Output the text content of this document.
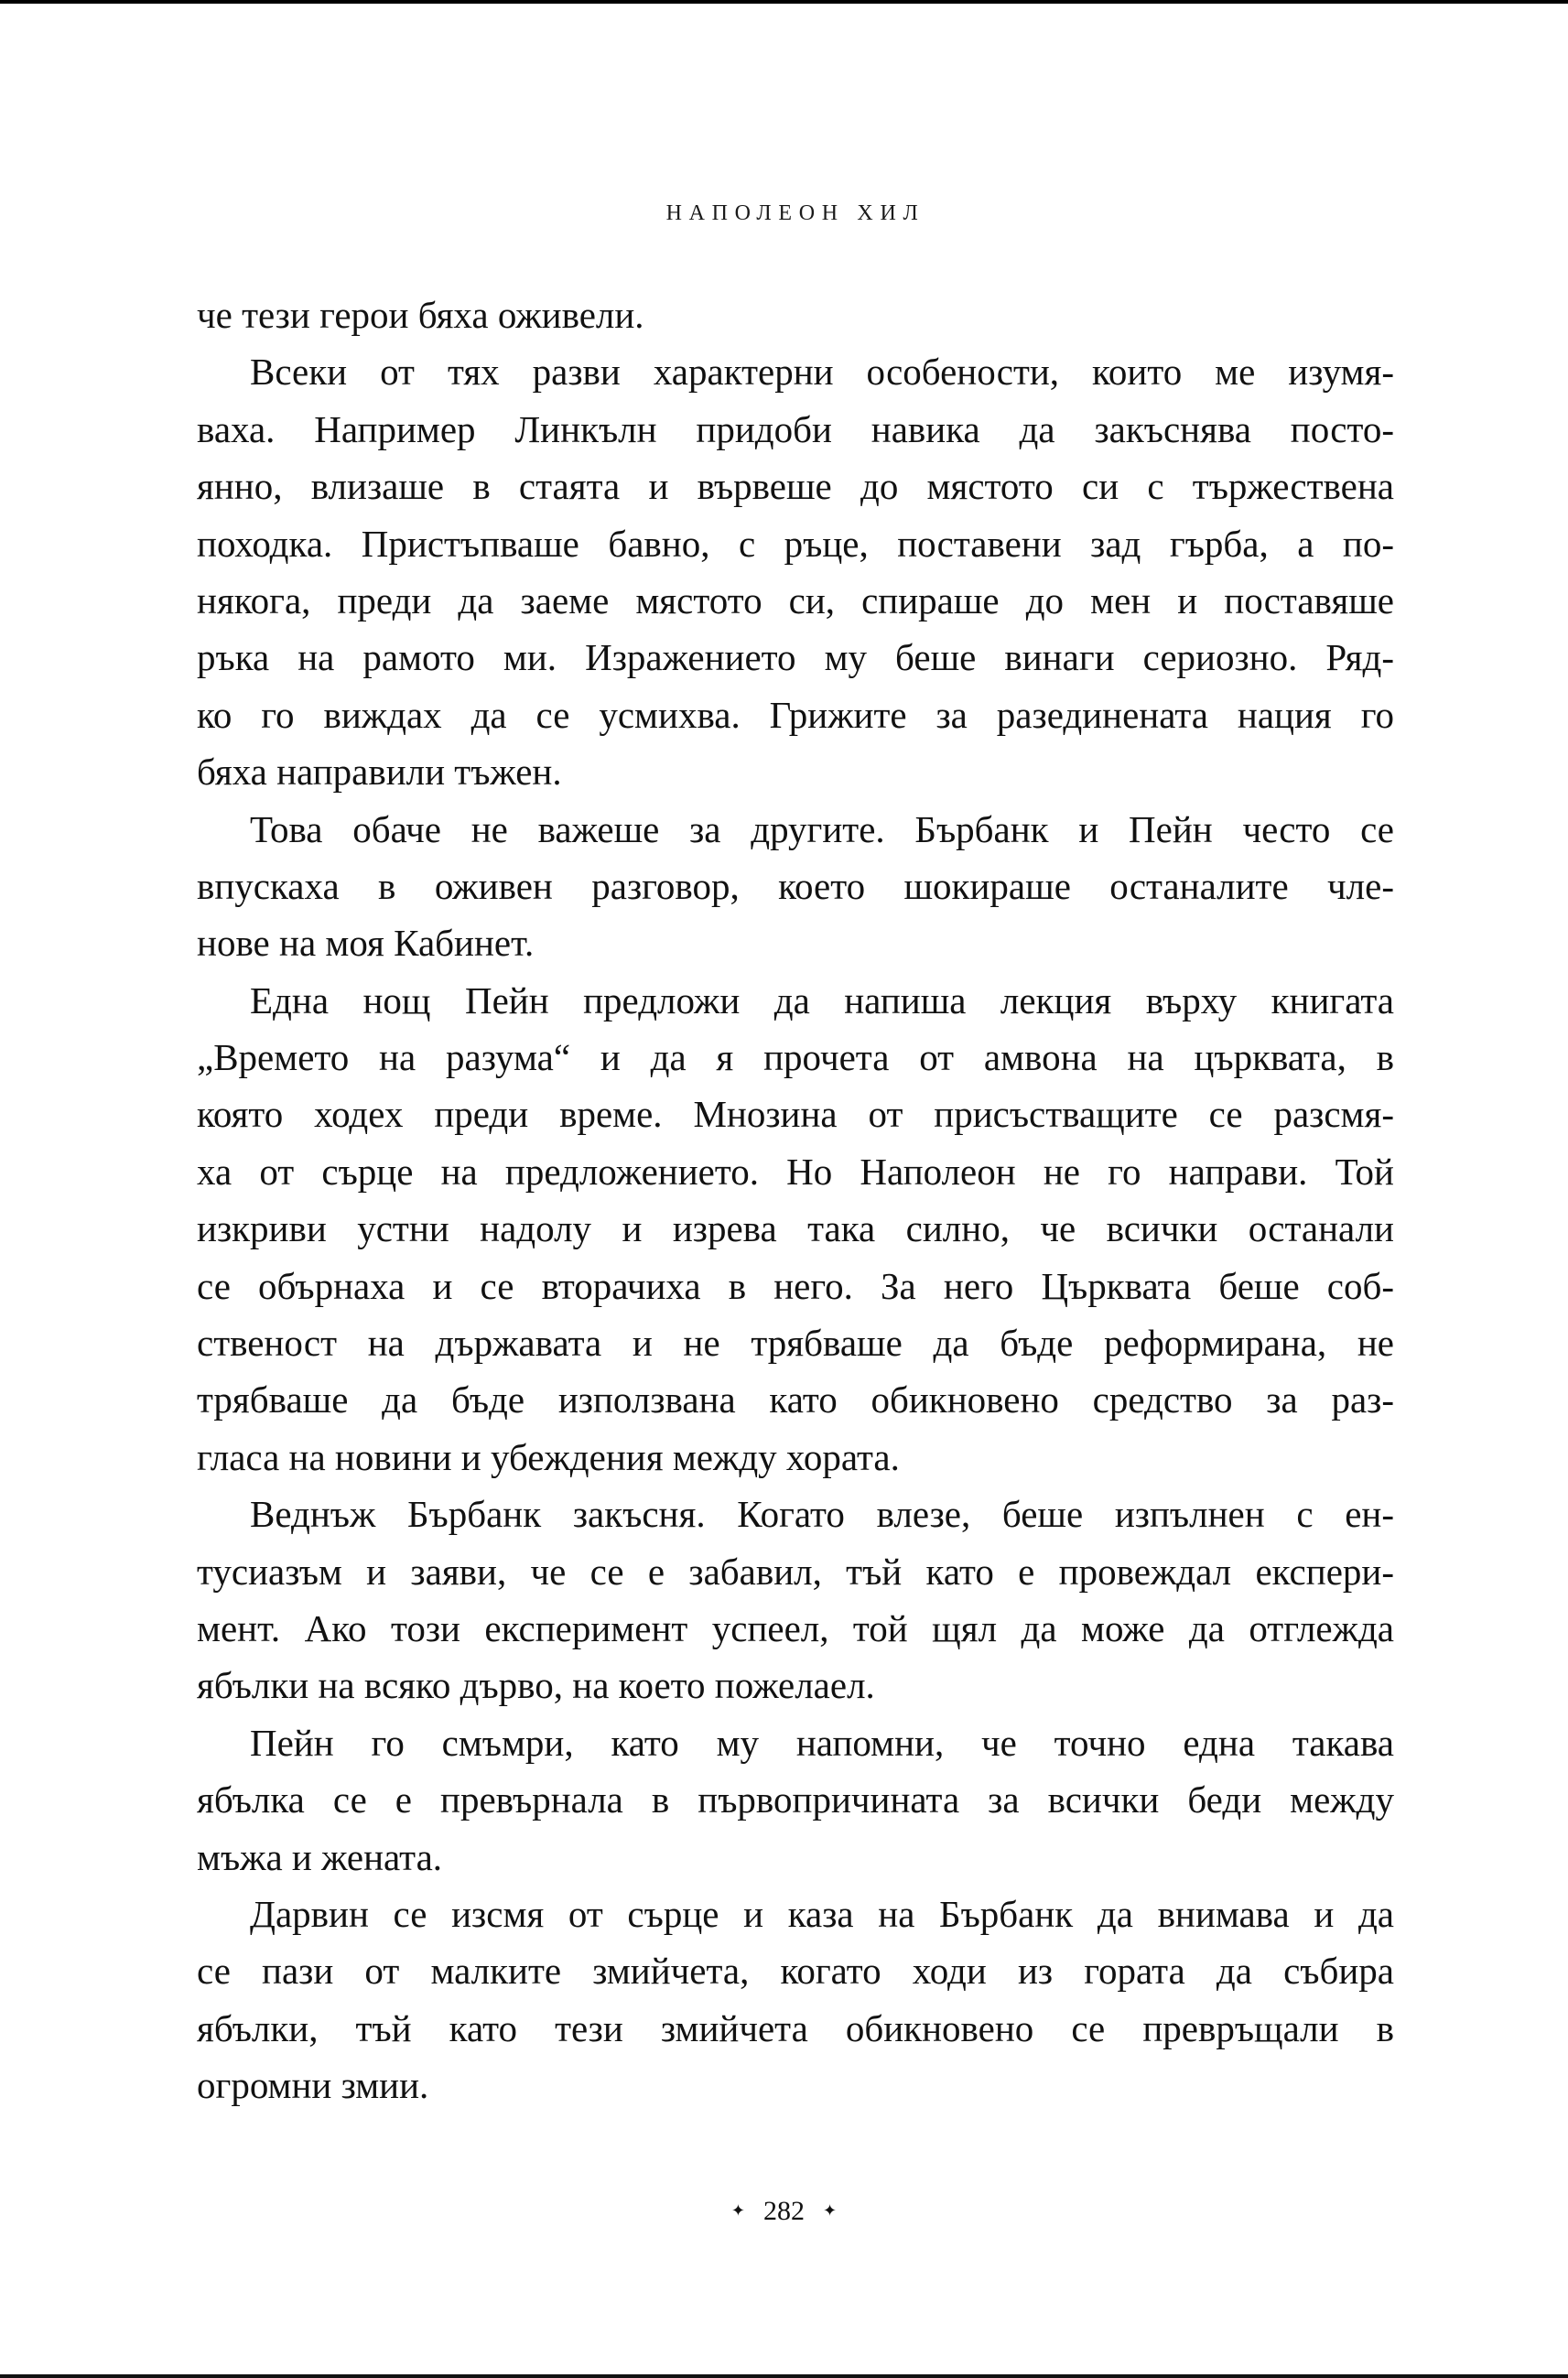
НАПОЛЕОН ХИЛ
че тези герои бяха оживели.
Всеки от тях разви характерни особености, които ме изумя-
ваха. Например Линкълн придоби навика да закъснява посто-
янно, влизаше в стаята и вървеше до мястото си с тържествена
походка. Пристъпваше бавно, с ръце, поставени зад гърба, а по-
някога, преди да заеме мястото си, спираше до мен и поставяше
ръка на рамото ми. Изражението му беше винаги сериозно. Ряд-
ко го виждах да се усмихва. Грижите за разединената нация го
бяха направили тъжен.
Това обаче не важеше за другите. Бърбанк и Пейн често се
впускаха в оживен разговор, което шокираше останалите чле-
нове на моя Кабинет.
Една нощ Пейн предложи да напиша лекция върху книгата
„Времето на разума“ и да я прочета от амвона на църквата, в
която ходех преди време. Мнозина от присъстващите се разсмя-
ха от сърце на предложението. Но Наполеон не го направи. Той
изкриви устни надолу и изрева така силно, че всички останали
се обърнаха и се вторачиха в него. За него Църквата беше соб-
ственост на държавата и не трябваше да бъде реформирана, не
трябваше да бъде използвана като обикновено средство за раз-
гласа на новини и убеждения между хората.
Веднъж Бърбанк закъсня. Когато влезе, беше изпълнен с ен-
тусиазъм и заяви, че се е забавил, тъй като е провеждал експери-
мент. Ако този експеримент успеел, той щял да може да отглежда
ябълки на всяко дърво, на което пожелаел.
Пейн го смъмри, като му напомни, че точно една такава
ябълка се е превърнала в първопричината за всички беди между
мъжа и жената.
Дарвин се изсмя от сърце и каза на Бърбанк да внимава и да
се пази от малките змийчета, когато ходи из гората да събира
ябълки, тъй като тези змийчета обикновено се превръщали в
огромни змии.
✦ 282 ✦
